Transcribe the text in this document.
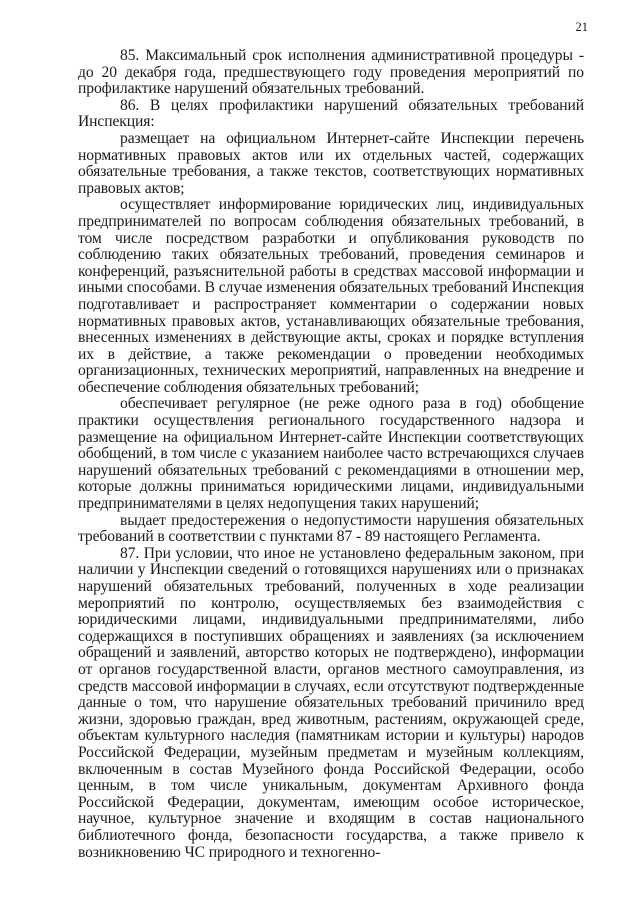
21

85. Максимальный срок исполнения административной процедуры - до 20 декабря года, предшествующего году проведения мероприятий по профилактике нарушений обязательных требований.

86. В целях профилактики нарушений обязательных требований Инспекция:

размещает на официальном Интернет-сайте Инспекции перечень нормативных правовых актов или их отдельных частей, содержащих обязательные требования, а также текстов, соответствующих нормативных правовых актов;

осуществляет информирование юридических лиц, индивидуальных предпринимателей по вопросам соблюдения обязательных требований, в том числе посредством разработки и опубликования руководств по соблюдению таких обязательных требований, проведения семинаров и конференций, разъяснительной работы в средствах массовой информации и иными способами. В случае изменения обязательных требований Инспекция подготавливает и распространяет комментарии о содержании новых нормативных правовых актов, устанавливающих обязательные требования, внесенных изменениях в действующие акты, сроках и порядке вступления их в действие, а также рекомендации о проведении необходимых организационных, технических мероприятий, направленных на внедрение и обеспечение соблюдения обязательных требований;

обеспечивает регулярное (не реже одного раза в год) обобщение практики осуществления регионального государственного надзора и размещение на официальном Интернет-сайте Инспекции соответствующих обобщений, в том числе с указанием наиболее часто встречающихся случаев нарушений обязательных требований с рекомендациями в отношении мер, которые должны приниматься юридическими лицами, индивидуальными предпринимателями в целях недопущения таких нарушений;

выдает предостережения о недопустимости нарушения обязательных требований в соответствии с пунктами 87 - 89 настоящего Регламента.

87. При условии, что иное не установлено федеральным законом, при наличии у Инспекции сведений о готовящихся нарушениях или о признаках нарушений обязательных требований, полученных в ходе реализации мероприятий по контролю, осуществляемых без взаимодействия с юридическими лицами, индивидуальными предпринимателями, либо содержащихся в поступивших обращениях и заявлениях (за исключением обращений и заявлений, авторство которых не подтверждено), информации от органов государственной власти, органов местного самоуправления, из средств массовой информации в случаях, если отсутствуют подтвержденные данные о том, что нарушение обязательных требований причинило вред жизни, здоровью граждан, вред животным, растениям, окружающей среде, объектам культурного наследия (памятникам истории и культуры) народов Российской Федерации, музейным предметам и музейным коллекциям, включенным в состав Музейного фонда Российской Федерации, особо ценным, в том числе уникальным, документам Архивного фонда Российской Федерации, документам, имеющим особое историческое, научное, культурное значение и входящим в состав национального библиотечного фонда, безопасности государства, а также привело к возникновению ЧС природного и техногенно-
